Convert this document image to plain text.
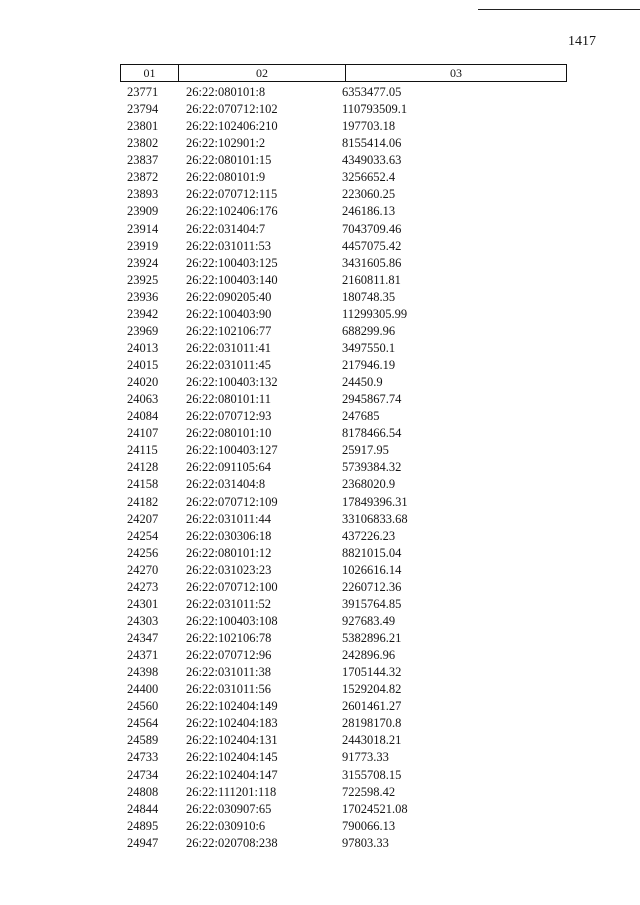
1417
01	02	03
23771 26:22:080101:8	6353477.05
23794 26:22:070712:102	110793509.1
23801 26:22:102406:210	197703.18
23802 26:22:102901:2	8155414.06
23837 26:22:080101:15	4349033.63
23872 26:22:080101:9	3256652.4
23893 26:22:070712:115	223060.25
23909 26:22:102406:176	246186.13
23914 26:22:031404:7	7043709.46
23919 26:22:031011:53	4457075.42
23924 26:22:100403:125	3431605.86
23925 26:22:100403:140	2160811.81
23936 26:22:090205:40	180748.35
23942 26:22:100403:90	11299305.99
23969 26:22:102106:77	688299.96
24013 26:22:031011:41	3497550.1
24015 26:22:031011:45	217946.19
24020 26:22:100403:132	24450.9
24063 26:22:080101:11	2945867.74
24084 26:22:070712:93	247685
24107 26:22:080101:10	8178466.54
24115 26:22:100403:127	25917.95
24128 26:22:091105:64	5739384.32
24158 26:22:031404:8	2368020.9
24182 26:22:070712:109	17849396.31
24207 26:22:031011:44	33106833.68
24254 26:22:030306:18	437226.23
24256 26:22:080101:12	8821015.04
24270 26:22:031023:23	1026616.14
24273 26:22:070712:100	2260712.36
24301 26:22:031011:52	3915764.85
24303 26:22:100403:108	927683.49
24347 26:22:102106:78	5382896.21
24371 26:22:070712:96	242896.96
24398 26:22:031011:38	1705144.32
24400 26:22:031011:56	1529204.82
24560 26:22:102404:149	2601461.27
24564 26:22:102404:183	28198170.8
24589 26:22:102404:131	2443018.21
24733 26:22:102404:145	91773.33
24734 26:22:102404:147	3155708.15
24808 26:22:111201:118	722598.42
24844 26:22:030907:65	17024521.08
24895 26:22:030910:6	790066.13
24947 26:22:020708:238	97803.33
